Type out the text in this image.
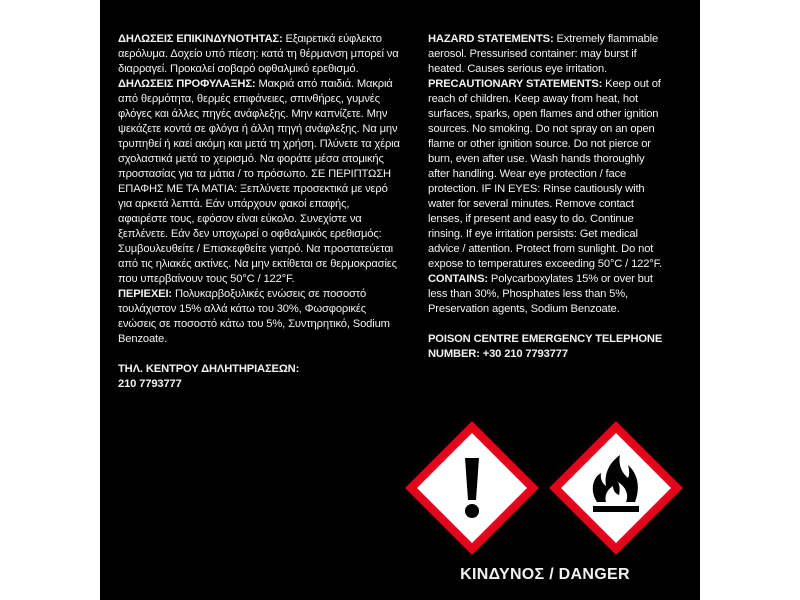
ΔΗΛΩΣΕΙΣ ΕΠΙΚΙΝΔΥΝΟΤΗΤΑΣ: Εξαιρετικά εύφλεκτο αερόλυμα. Δοχείο υπό πίεση: κατά τη θέρμανση μπορεί να διαρραγεί. Προκαλεί σοβαρό οφθαλμικό ερεθισμό.

ΔΗΛΩΣΕΙΣ ΠΡΟΦΥΛΑΞΗΣ: Μακριά από παιδιά. Μακριά από θερμότητα, θερμές επιφάνειες, σπινθήρες, γυμνές φλόγες και άλλες πηγές ανάφλεξης. Μην καπνίζετε. Μην ψεκάζετε κοντά σε φλόγα ή άλλη πηγή ανάφλεξης. Να μην τρυπηθεί ή καεί ακόμη και μετά τη χρήση. Πλύνετε τα χέρια σχολαστικά μετά το χειρισμό. Να φοράτε μέσα ατομικής προστασίας για τα μάτια / το πρόσωπο. ΣΕ ΠΕΡΙΠΤΩΣΗ ΕΠΑΦΗΣ ΜΕ ΤΑ ΜΑΤΙΑ: Ξεπλύνετε προσεκτικά με νερό για αρκετά λεπτά. Εάν υπάρχουν φακοί επαφής, αφαιρέστε τους, εφόσον είναι εύκολο. Συνεχίστε να ξεπλένετε. Εάν δεν υποχωρεί ο οφθαλμικός ερεθισμός: Συμβουλευθείτε / Επισκεφθείτε γιατρό. Να προστατεύεται από τις ηλιακές ακτίνες. Να μην εκτίθεται σε θερμοκρασίες που υπερβαίνουν τους 50°C / 122°F.

ΠΕΡΙΕΧΕΙ: Πολυκαρβοξυλικές ενώσεις σε ποσοστό τουλάχιστον 15% αλλά κάτω του 30%, Φωσφορικές ενώσεις σε ποσοστό κάτω του 5%, Συντηρητικό, Sodium Benzoate.

ΤΗΛ. ΚΕΝΤΡΟΥ ΔΗΛΗΤΗΡΙΑΣΕΩΝ:
210 7793777

HAZARD STATEMENTS: Extremely flammable aerosol. Pressurised container: may burst if heated. Causes serious eye irritation.

PRECAUTIONARY STATEMENTS: Keep out of reach of children. Keep away from heat, hot surfaces, sparks, open flames and other ignition sources. No smoking. Do not spray on an open flame or other ignition source. Do not pierce or burn, even after use. Wash hands thoroughly after handling. Wear eye protection / face protection. IF IN EYES: Rinse cautiously with water for several minutes. Remove contact lenses, if present and easy to do. Continue rinsing. If eye irritation persists: Get medical advice / attention. Protect from sunlight. Do not expose to temperatures exceeding 50°C / 122°F.

CONTAINS: Polycarboxylates 15% or over but less than 30%, Phosphates less than 5%, Preservation agents, Sodium Benzoate.

POISON CENTRE EMERGENCY TELEPHONE NUMBER: +30 210 7793777

ΚΙΝΔΥΝΟΣ / DANGER
